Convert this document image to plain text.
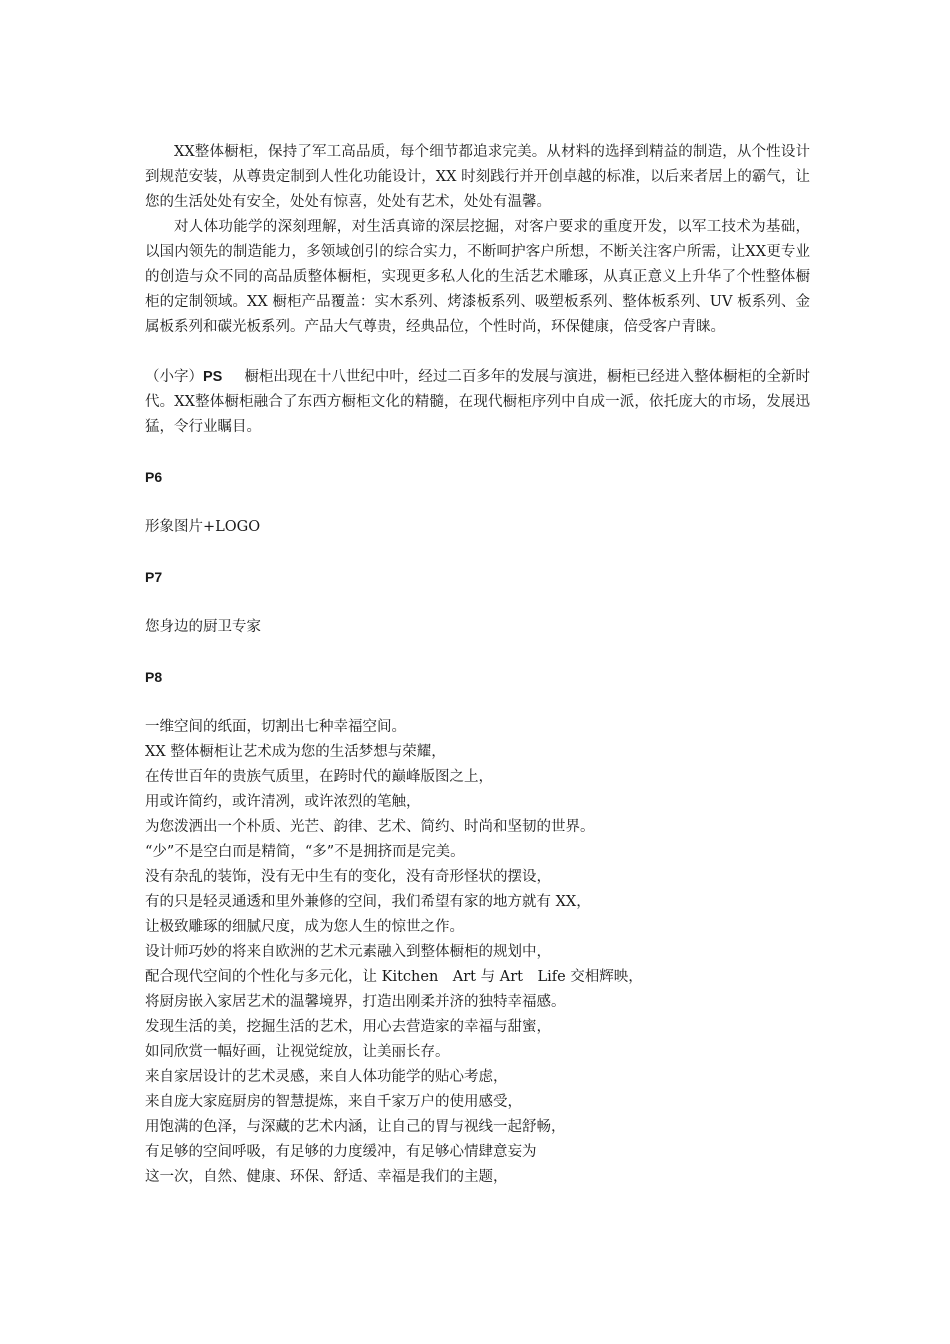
XX整体橱柜，保持了军工高品质，每个细节都追求完美。从材料的选择到精益的制造，从个性设计到规范安装，从尊贵定制到人性化功能设计，XX 时刻践行并开创卓越的标准，以后来者居上的霸气，让您的生活处处有安全，处处有惊喜，处处有艺术，处处有温馨。

对人体功能学的深刻理解，对生活真谛的深层挖掘，对客户要求的重度开发，以军工技术为基础，以国内领先的制造能力，多领域创引的综合实力，不断呵护客户所想，不断关注客户所需，让XX更专业的创造与众不同的高品质整体橱柜，实现更多私人化的生活艺术雕琢，从真正意义上升华了个性整体橱柜的定制领域。XX 橱柜产品覆盖：实木系列、烤漆板系列、吸塑板系列、整体板系列、UV 板系列、金属板系列和碳光板系列。产品大气尊贵，经典品位，个性时尚，环保健康，倍受客户青睐。

（小字）PS 橱柜出现在十八世纪中叶，经过二百多年的发展与演进，橱柜已经进入整体橱柜的全新时代。XX整体橱柜融合了东西方橱柜文化的精髓，在现代橱柜序列中自成一派，依托庞大的市场，发展迅猛，令行业瞩目。

P6
形象图片+LOGO
P7
您身边的厨卫专家
P8
一维空间的纸面，切割出七种幸福空间。
XX 整体橱柜让艺术成为您的生活梦想与荣耀，
在传世百年的贵族气质里，在跨时代的巅峰版图之上，
用或许简约，或许清冽，或许浓烈的笔触，
为您泼洒出一个朴质、光芒、韵律、艺术、简约、时尚和坚韧的世界。
“少”不是空白而是精简，“多”不是拥挤而是完美。
没有杂乱的装饰，没有无中生有的变化，没有奇形怪状的摆设，
有的只是轻灵通透和里外兼修的空间，我们希望有家的地方就有 XX，
让极致雕琢的细腻尺度，成为您人生的惊世之作。
设计师巧妙的将来自欧洲的艺术元素融入到整体橱柜的规划中，
配合现代空间的个性化与多元化，让 Kitchen　Art 与 Art　Life 交相辉映，
将厨房嵌入家居艺术的温馨境界，打造出刚柔并济的独特幸福感。
发现生活的美，挖掘生活的艺术，用心去营造家的幸福与甜蜜，
如同欣赏一幅好画，让视觉绽放，让美丽长存。
来自家居设计的艺术灵感，来自人体功能学的贴心考虑，
来自庞大家庭厨房的智慧提炼，来自千家万户的使用感受，
用饱满的色泽，与深藏的艺术内涵，让自己的胃与视线一起舒畅，
有足够的空间呼吸，有足够的力度缓冲，有足够心情肆意妄为
这一次，自然、健康、环保、舒适、幸福是我们的主题，
